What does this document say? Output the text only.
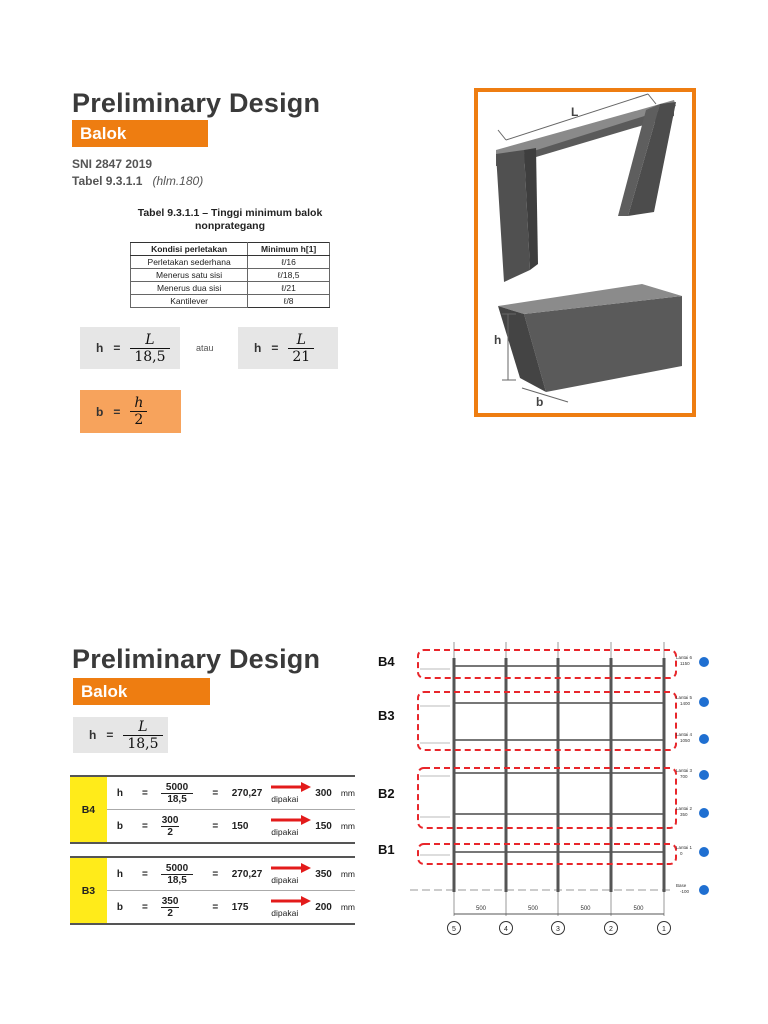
Preliminary Design
Balok
SNI 2847 2019
Tabel 9.3.1.1 (hlm.180)
Tabel 9.3.1.1 – Tinggi minimum balok
nonprategang
Kondisi perletakan	Minimum h[1]
Perletakan sederhana	ℓ/16
Menerus satu sisi	ℓ/18,5
Menerus dua sisi	ℓ/21
Kantilever	ℓ/8
$h = \frac{L}{18,5}$	atau	$h = \frac{L}{21}$
$b = \frac{h}{2}$
L
h
b
Preliminary Design
Balok
$h = \frac{L}{18,5}$
B4	h	=	$\frac{5000}{18,5}$	=	270,27	dipakai	300	mm
	b	=	$\frac{300}{2}$	=	150	dipakai	150	mm
B3	h	=	$\frac{5000}{18,5}$	=	270,27	dipakai	350	mm
	b	=	$\frac{350}{2}$	=	175	dipakai	200	mm
B4
B3
B2
B1
Lantai 6
1150
Lantai 5
1400
Lantai 4
1050
Lantai 3
700
Lantai 2
350
Lantai 1
0
Base
-100
500	500	500	500
5	4	3	2	1
